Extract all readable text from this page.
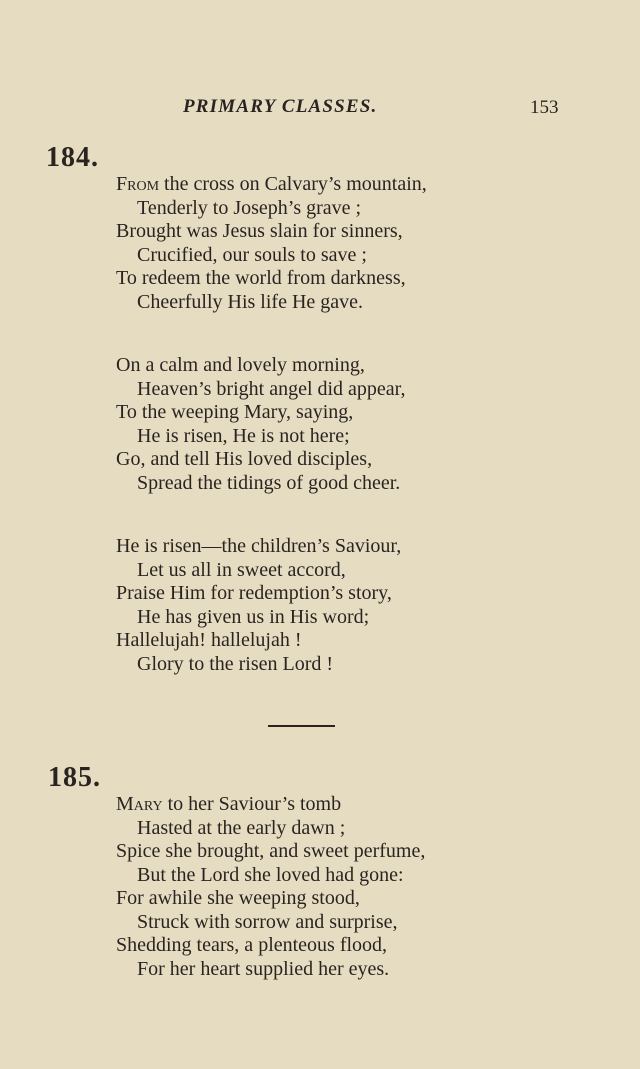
PRIMARY CLASSES.	153
184.
From the cross on Calvary’s mountain,
Tenderly to Joseph’s grave ;
Brought was Jesus slain for sinners,
Crucified, our souls to save ;
To redeem the world from darkness,
Cheerfully His life He gave.
On a calm and lovely morning,
Heaven’s bright angel did appear,
To the weeping Mary, saying,
He is risen, He is not here;
Go, and tell His loved disciples,
Spread the tidings of good cheer.
He is risen—the children’s Saviour,
Let us all in sweet accord,
Praise Him for redemption’s story,
He has given us in His word;
Hallelujah! hallelujah !
Glory to the risen Lord !
185.
Mary to her Saviour’s tomb
Hasted at the early dawn ;
Spice she brought, and sweet perfume,
But the Lord she loved had gone:
For awhile she weeping stood,
Struck with sorrow and surprise,
Shedding tears, a plenteous flood,
For her heart supplied her eyes.
